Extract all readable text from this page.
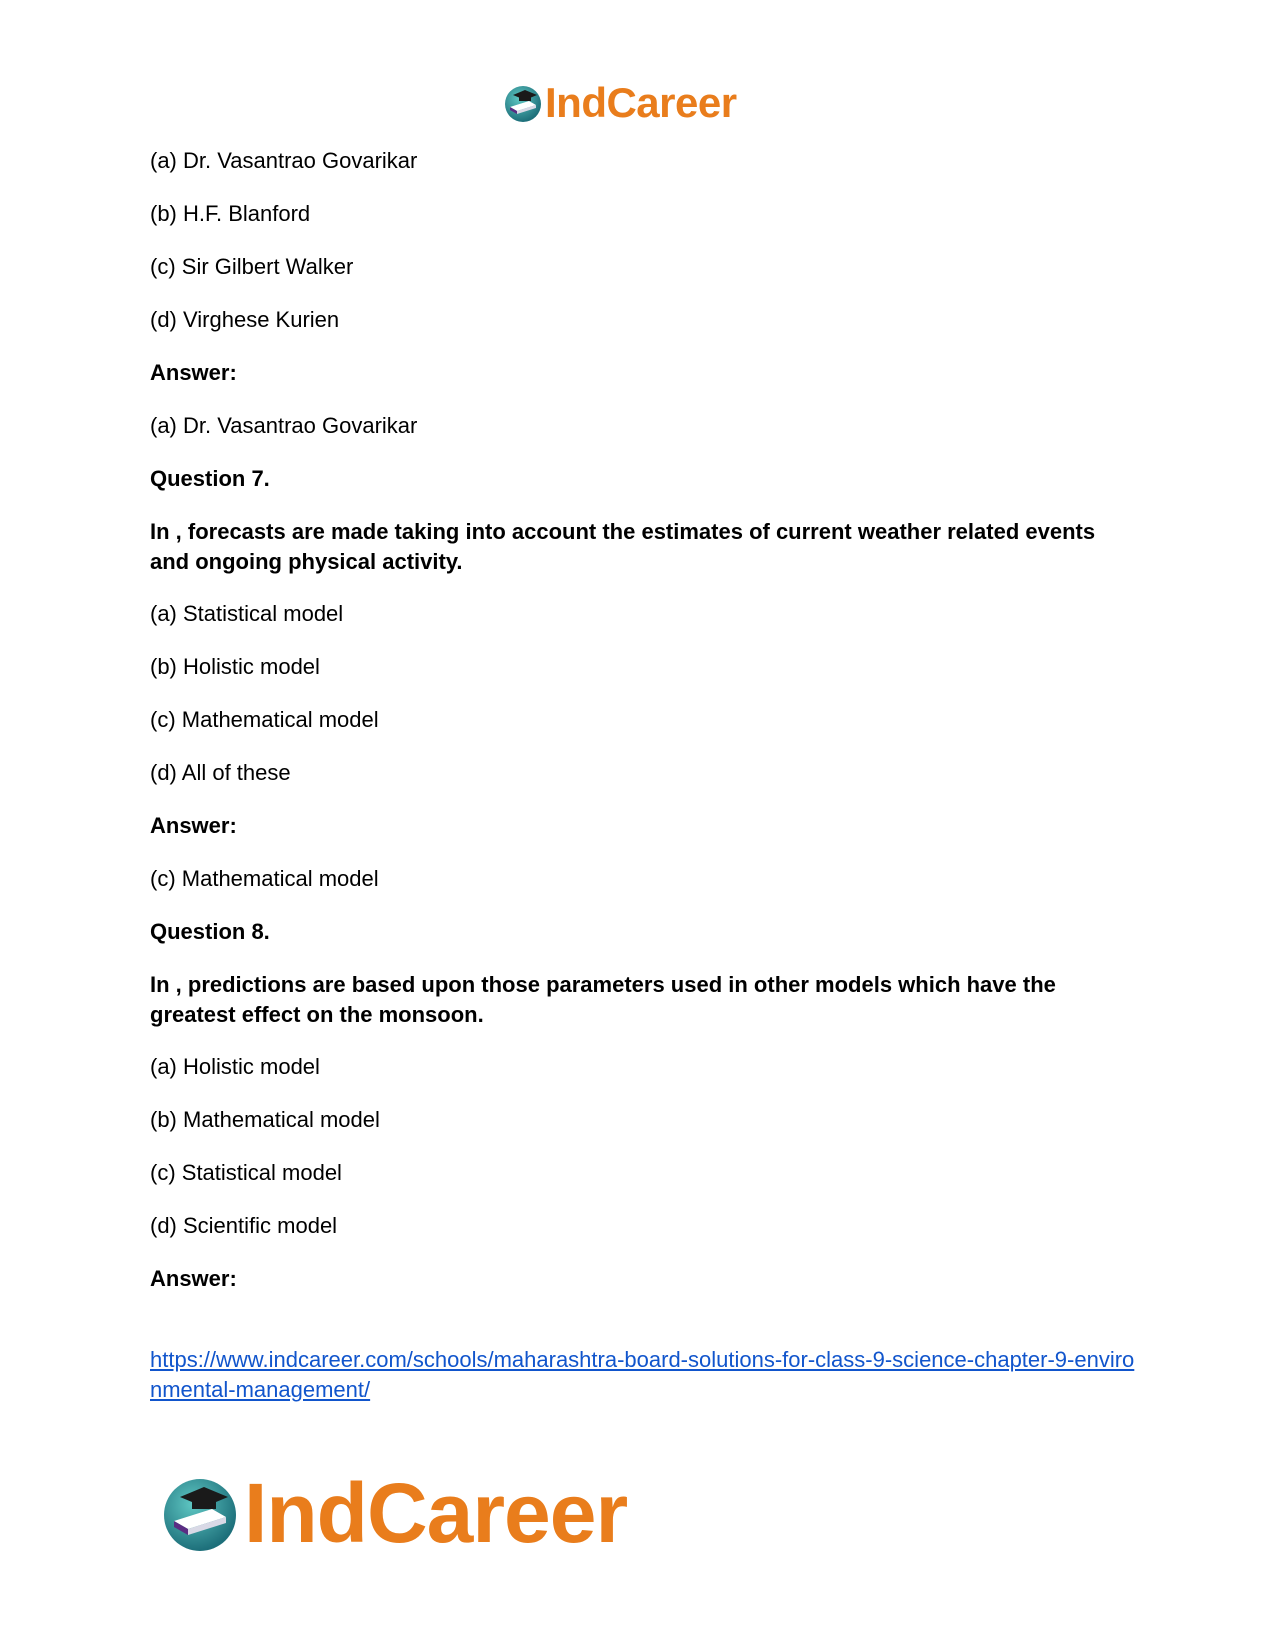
IndCareer
(a) Dr. Vasantrao Govarikar
(b) H.F. Blanford
(c) Sir Gilbert Walker
(d) Virghese Kurien
Answer:
(a) Dr. Vasantrao Govarikar
Question 7.
In , forecasts are made taking into account the estimates of current weather related events and ongoing physical activity.
(a) Statistical model
(b) Holistic model
(c) Mathematical model
(d) All of these
Answer:
(c) Mathematical model
Question 8.
In , predictions are based upon those parameters used in other models which have the greatest effect on the monsoon.
(a) Holistic model
(b) Mathematical model
(c) Statistical model
(d) Scientific model
Answer:
https://www.indcareer.com/schools/maharashtra-board-solutions-for-class-9-science-chapter-9-environmental-management/
IndCareer
